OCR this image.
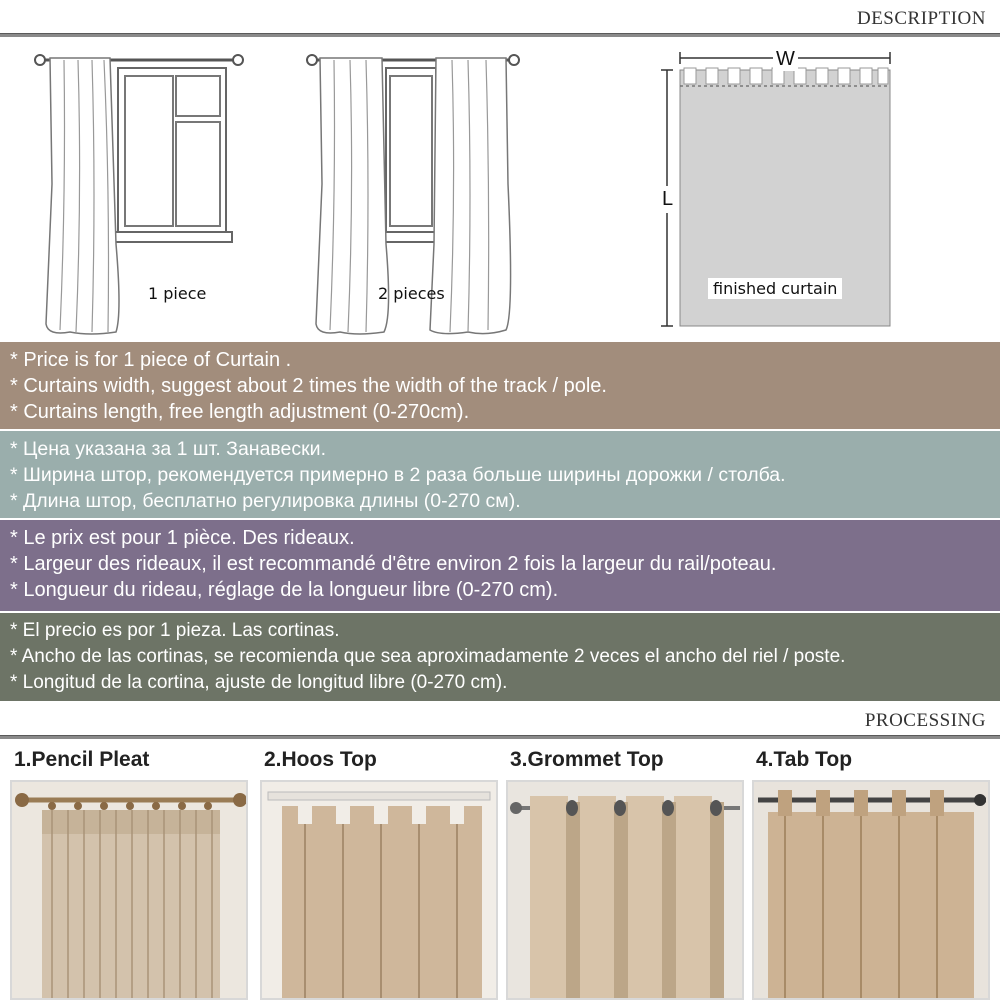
DESCRIPTION
1 piece	2 pieces
W
L
finished curtain
* Price is for 1 piece of Curtain .
* Curtains width, suggest about 2 times the width of the track / pole.
* Curtains length, free length adjustment (0-270cm).
* Цена указана за 1 шт. Занавески.
* Ширина штор, рекомендуется примерно в 2 раза больше ширины дорожки / столба.
* Длина штор, бесплатно регулировка длины (0-270 см).
* Le prix est pour 1 pièce. Des rideaux.
* Largeur des rideaux, il est recommandé d'être environ 2 fois la largeur du rail/poteau.
* Longueur du rideau, réglage de la longueur libre (0-270 cm).
* El precio es por 1 pieza. Las cortinas.
* Ancho de las cortinas, se recomienda que sea aproximadamente 2 veces el ancho del riel / poste.
* Longitud de la cortina, ajuste de longitud libre (0-270 cm).
PROCESSING
1.Pencil Pleat	2.Hoos Top	3.Grommet Top	4.Tab Top
